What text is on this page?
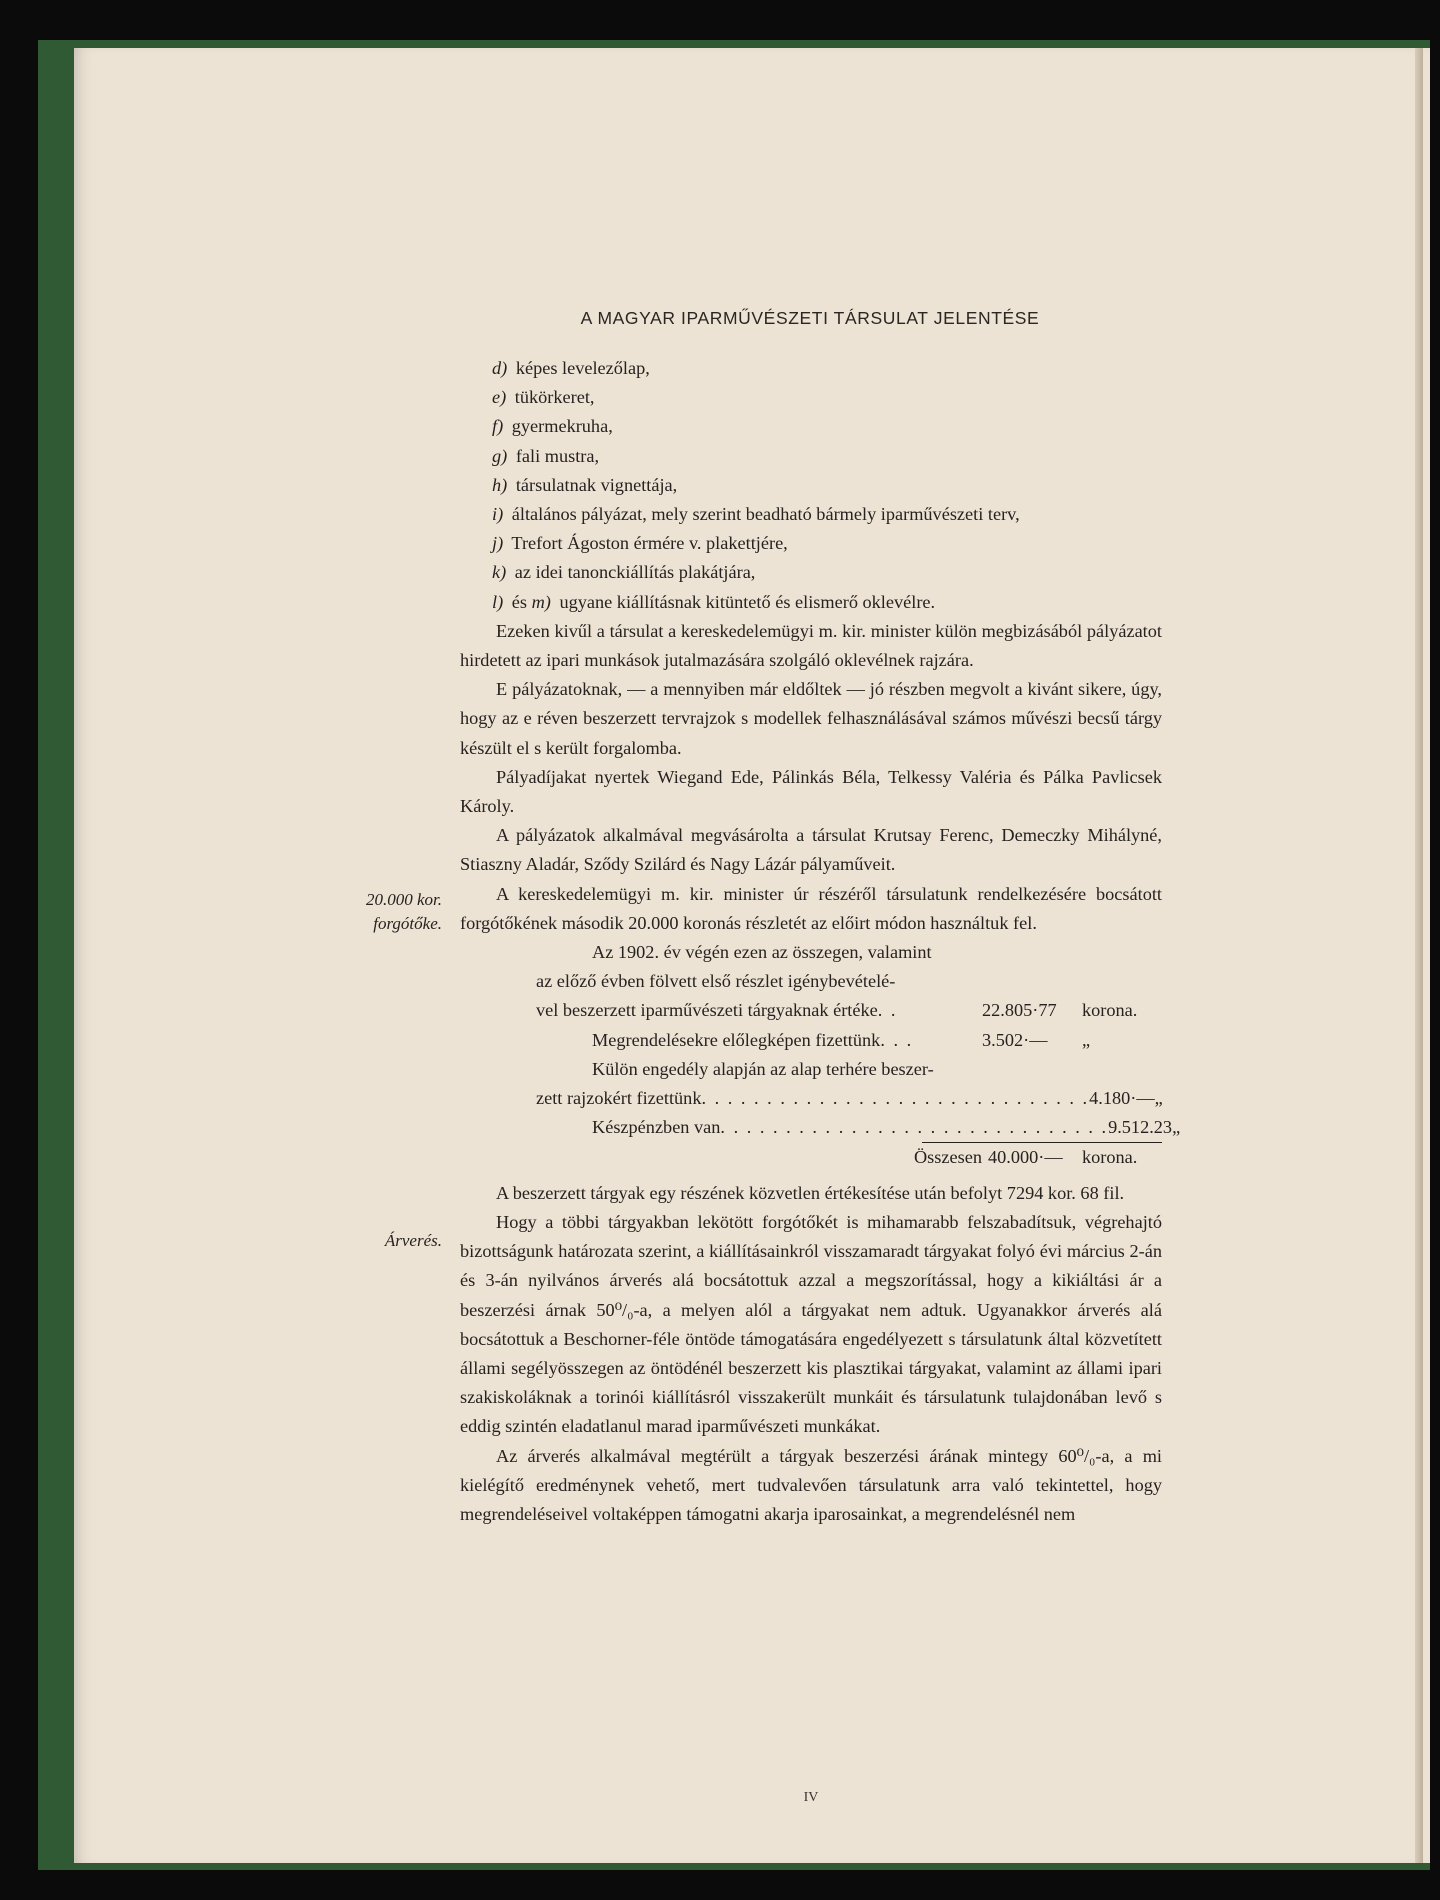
A MAGYAR IPARMŰVÉSZETI TÁRSULAT JELENTÉSE
20.000 kor.
forgótőke.
Árverés.

d) képes levelezőlap,

e) tükörkeret,

f) gyermekruha,

g) fali mustra,

h) társulatnak vignettája,

i) általános pályázat, mely szerint beadható bármely iparművészeti terv,

j) Trefort Ágoston érmére v. plakettjére,

k) az idei tanonckiállítás plakátjára,

l) és m) ugyane kiállításnak kitüntető és elismerő oklevélre.

Ezeken kivűl a társulat a kereskedelemügyi m. kir. minister külön megbizásából pályázatot hirdetett az ipari munkások jutalmazására szolgáló oklevélnek rajzára.

E pályázatoknak, — a mennyiben már eldőltek — jó részben megvolt a kivánt sikere, úgy, hogy az e réven beszerzett tervrajzok s modellek felhasználásával számos művészi becsű tárgy készült el s került forgalomba.

Pályadíjakat nyertek Wiegand Ede, Pálinkás Béla, Telkessy Valéria és Pálka Pavlicsek Károly.

A pályázatok alkalmával megvásárolta a társulat Krutsay Ferenc, Demeczky Mihályné, Stiaszny Aladár, Sződy Szilárd és Nagy Lázár pályaműveit.

A kereskedelemügyi m. kir. minister úr részéről társulatunk rendelkezésére bocsátott forgótőkének második 20.000 koronás részletét az előirt módon használtuk fel.

Az 1902. év végén ezen az összegen, valamint
az előző évben fölvett első részlet igénybevételé-
vel beszerzett iparművészeti tárgyaknak értéke . .	22.805·77	korona.
Megrendelésekre előlegképen fizettünk . . .	3.502·—	„
Külön engedély alapján az alap terhére beszer-
zett rajzokért fizettünk . . . . . . . . . . . . . . . . . . . . . . . . . . . . . . 4.180·— „
Készpénzben van . . . . . . . . . . . . . . . . . . . . . . . . . . . . . . 9.512.23 „
Összesen 40.000·—	korona.

A beszerzett tárgyak egy részének közvetlen értékesítése után befolyt 7294 kor. 68 fil.

Hogy a többi tárgyakban lekötött forgótőkét is mihamarabb felszabadítsuk, végrehajtó bizottságunk határozata szerint, a kiállításainkról visszamaradt tárgyakat folyó évi március 2-án és 3-án nyilvános árverés alá bocsátottuk azzal a megszorítással, hogy a kikiáltási ár a beszerzési árnak 50⁰/₀-a, a melyen alól a tárgyakat nem adtuk. Ugyanakkor árverés alá bocsátottuk a Beschorner-féle öntöde támogatására engedélyezett s társulatunk által közvetített állami segélyösszegen az öntödénél beszerzett kis plasztikai tárgyakat, valamint az állami ipari szakiskoláknak a torinói kiállításról visszakerült munkáit és társulatunk tulajdonában levő s eddig szintén eladatlanul marad iparművészeti munkákat.

Az árverés alkalmával megtérült a tárgyak beszerzési árának mintegy 60⁰/₀-a, a mi kielégítő eredménynek vehető, mert tudvalevően társulatunk arra való tekintettel, hogy megrendeléseivel voltaképpen támogatni akarja iparosainkat, a megrendelésnél nem

IV
